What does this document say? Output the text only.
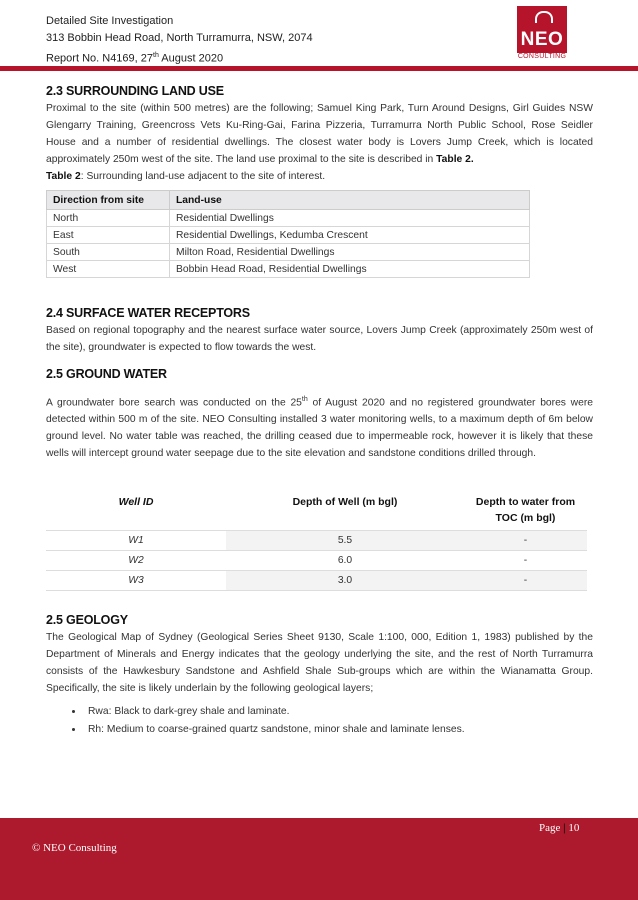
Detailed Site Investigation
313 Bobbin Head Road, North Turramurra, NSW, 2074
Report No. N4169, 27th August 2020
NEO
CONSULTING
2.3 SURROUNDING LAND USE

Proximal to the site (within 500 metres) are the following; Samuel King Park, Turn Around Designs, Girl Guides NSW Glengarry Training, Greencross Vets Ku-Ring-Gai, Farina Pizzeria, Turramurra North Public School, Rose Seidler House and a number of residential dwellings. The closest water body is Lovers Jump Creek, which is located approximately 250m west of the site. The land use proximal to the site is described in Table 2.

Table 2: Surrounding land-use adjacent to the site of interest.
Direction from site	Land-use
North	Residential Dwellings
East	Residential Dwellings, Kedumba Crescent
South	Milton Road, Residential Dwellings
West	Bobbin Head Road, Residential Dwellings
2.4 SURFACE WATER RECEPTORS

Based on regional topography and the nearest surface water source, Lovers Jump Creek (approximately 250m west of the site), groundwater is expected to flow towards the west.

2.5 GROUND WATER

A groundwater bore search was conducted on the 25th of August 2020 and no registered groundwater bores were detected within 500 m of the site. NEO Consulting installed 3 water monitoring wells, to a maximum depth of 6m below ground level. No water table was reached, the drilling ceased due to impermeable rock, however it is likely that these wells will intercept ground water seepage due to the site elevation and sandstone conditions drilled through.

Well ID	Depth of Well (m bgl)	Depth to water from
		TOC (m bgl)
W1	5.5	-
W2	6.0	-
W3	3.0	-
2.5 GEOLOGY

The Geological Map of Sydney (Geological Series Sheet 9130, Scale 1:100, 000, Edition 1, 1983) published by the Department of Minerals and Energy indicates that the geology underlying the site, and the rest of North Turramurra consists of the Hawkesbury Sandstone and Ashfield Shale Sub-groups which are within the Wianamatta Group. Specifically, the site is likely underlain by the following geological layers;

• Rwa: Black to dark-grey shale and laminate.
• Rh: Medium to coarse-grained quartz sandstone, minor shale and laminate lenses.
Page | 10
© NEO Consulting
